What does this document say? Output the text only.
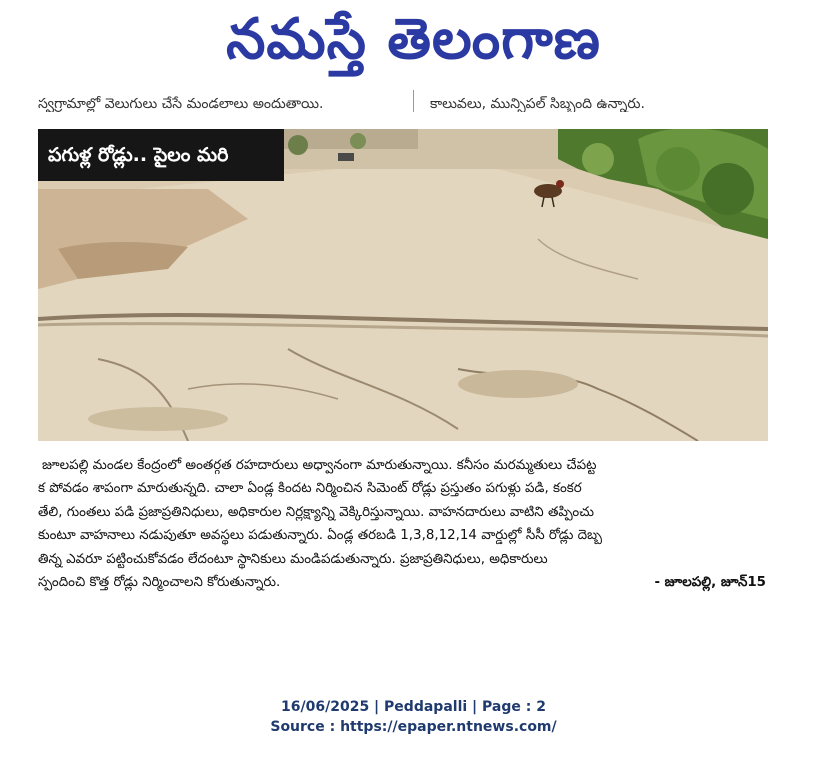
నమస్తే తెలంగాణ
స్వగ్రామాల్లో వెలుగులు చేసే మండలాలు అందుతాయి.	కాలువలు, మున్సిపల్ సిబ్బంది ఉన్నారు.
పగుళ్ల రోడ్లు.. పైలం మరి
జూలపల్లి మండల కేంద్రంలో అంతర్గత రహదారులు అధ్వానంగా మారుతున్నాయి. కనీసం మరమ్మతులు చేపట్ట
క పోవడం శాపంగా మారుతున్నది. చాలా ఏండ్ల కిందట నిర్మించిన సిమెంట్ రోడ్లు ప్రస్తుతం పగుళ్లు పడి, కంకర
తేలి, గుంతలు పడి ప్రజాప్రతినిధులు, అధికారుల నిర్లక్ష్యాన్ని వెక్కిరిస్తున్నాయి. వాహనదారులు వాటిని తప్పించు
కుంటూ వాహనాలు నడుపుతూ అవస్థలు పడుతున్నారు. ఏండ్ల తరబడి 1,3,8,12,14 వార్డుల్లో సీసీ రోడ్లు దెబ్బ
తిన్న ఎవరూ పట్టించుకోవడం లేదంటూ స్థానికులు మండిపడుతున్నారు. ప్రజాప్రతినిధులు, అధికారులు
స్పందించి కొత్త రోడ్లు నిర్మించాలని కోరుతున్నారు.	- జూలపల్లి, జూన్15
16/06/2025 | Peddapalli | Page : 2
Source : https://epaper.ntnews.com/
